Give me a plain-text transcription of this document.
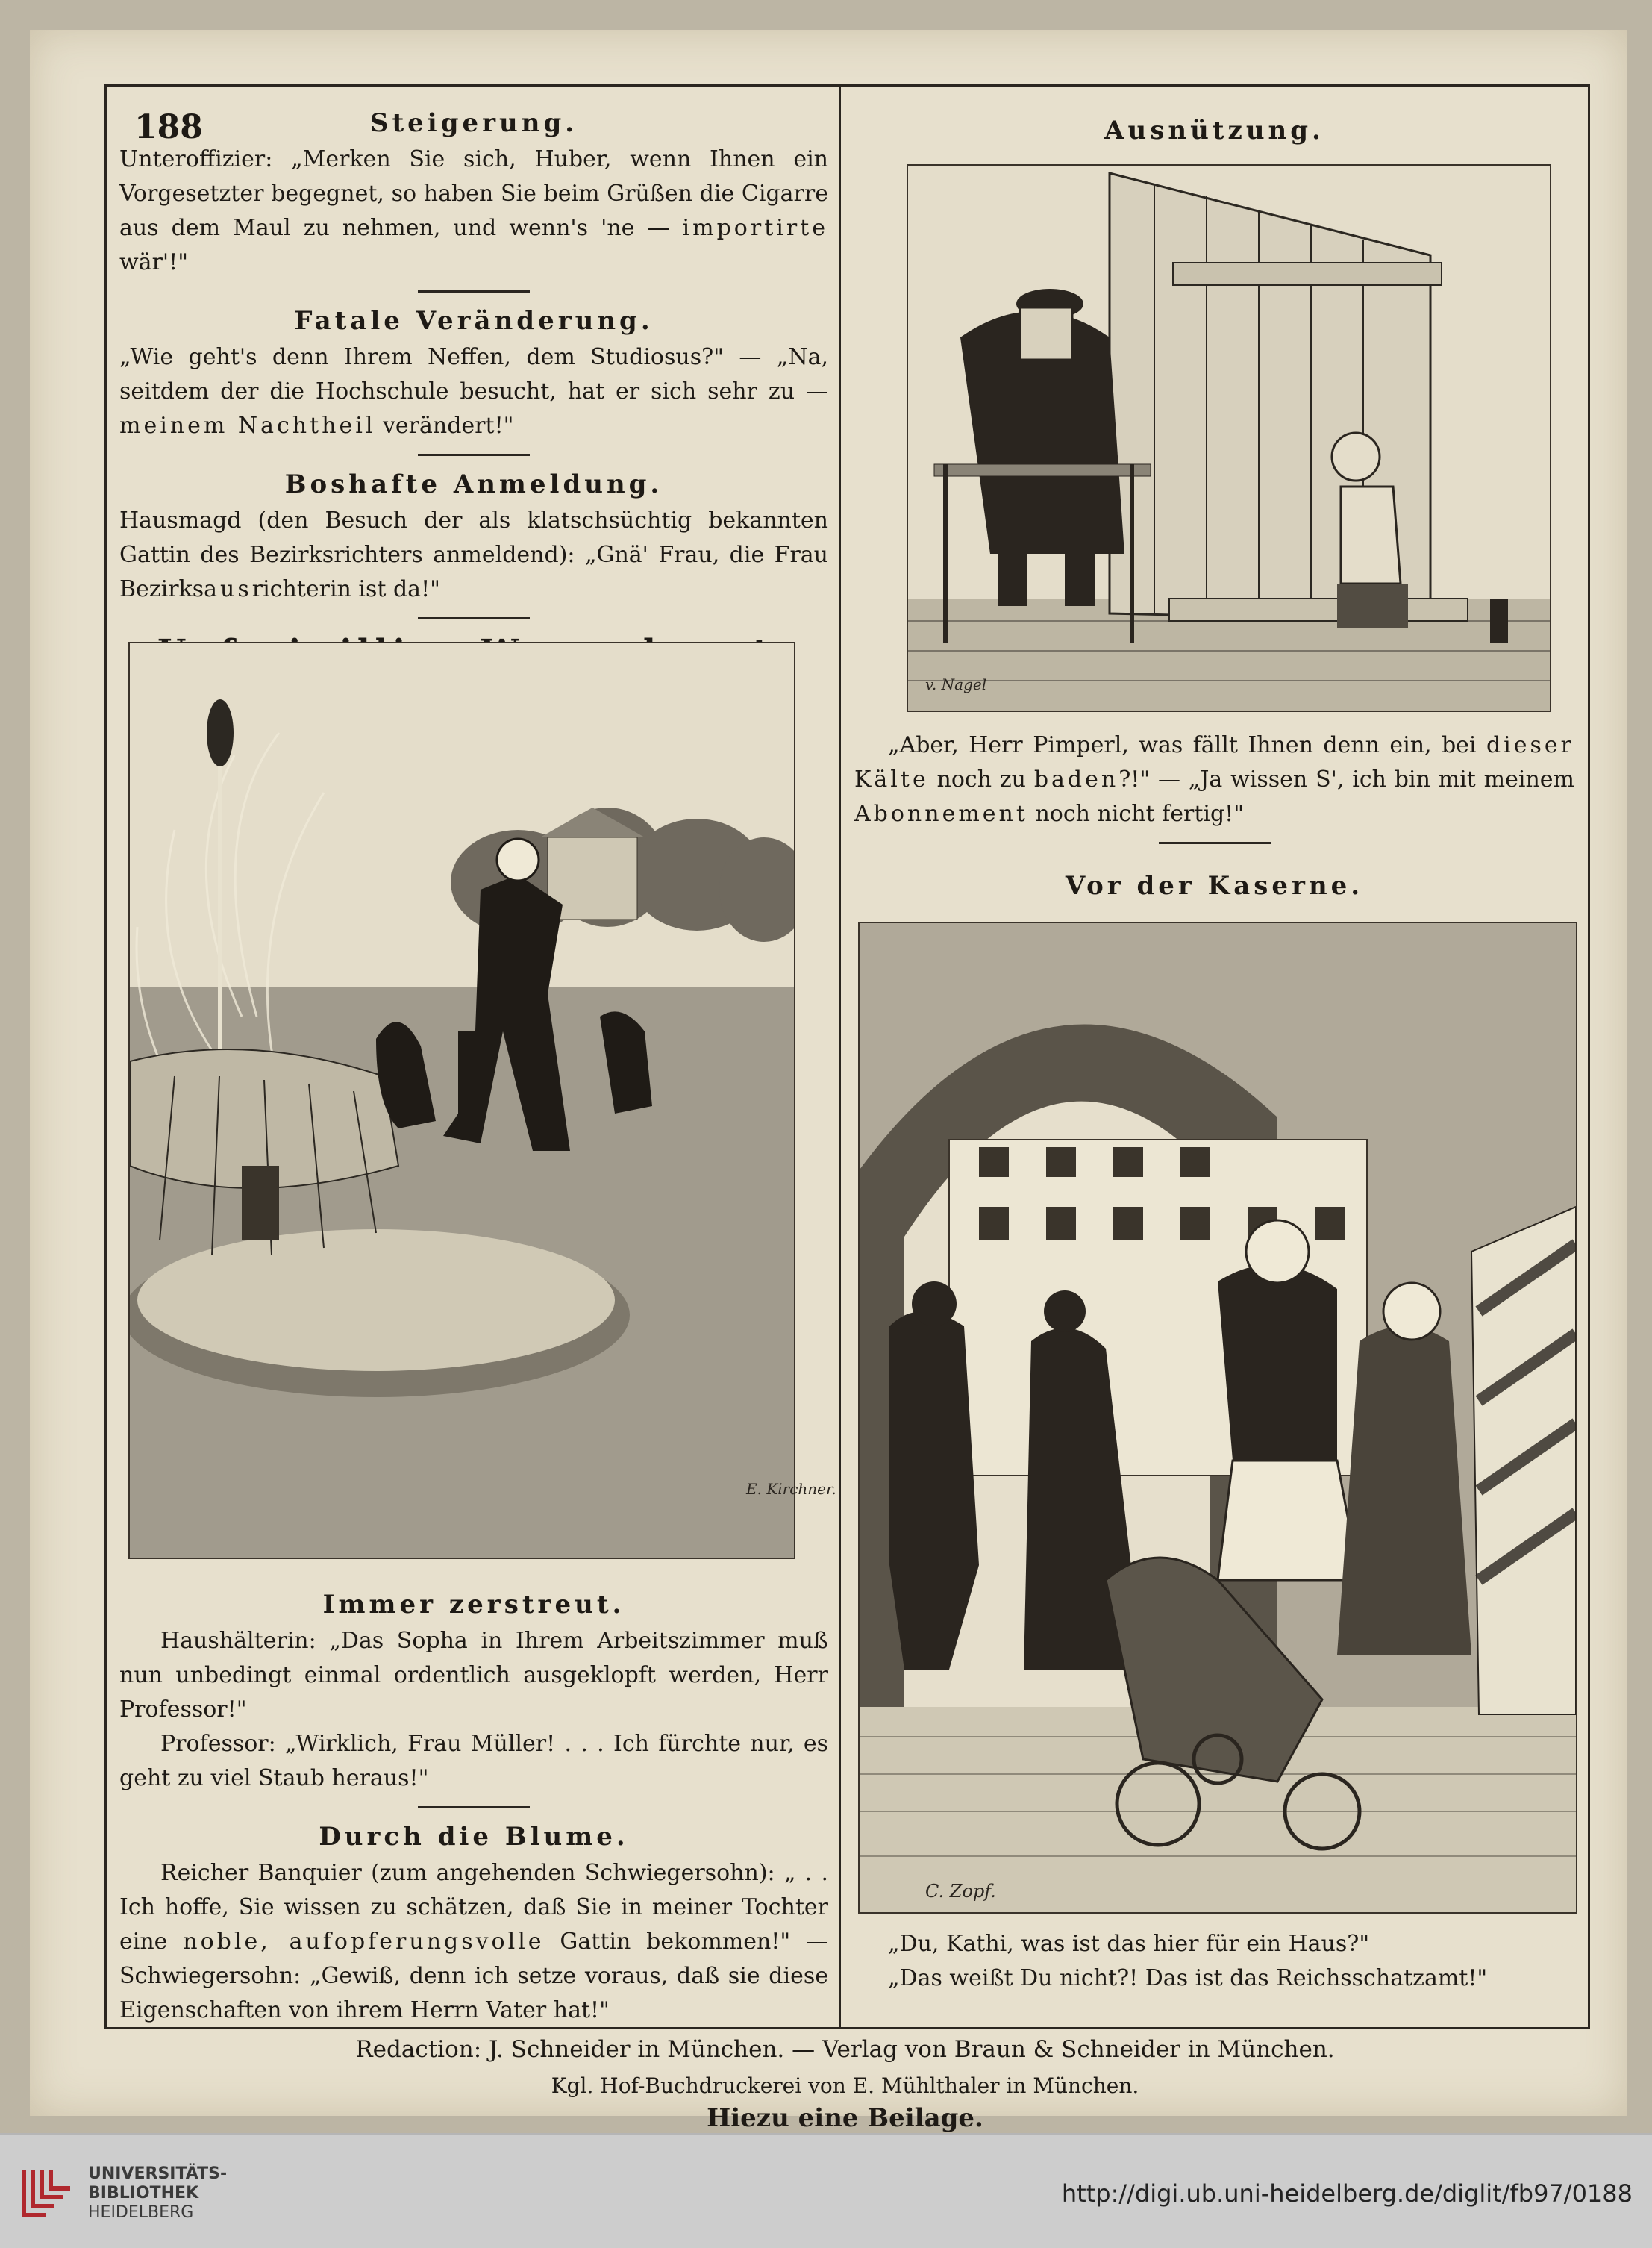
188	Steigerung.

Unteroffizier: „Merken Sie sich, Huber, wenn Ihnen ein Vorgesetzter begegnet, so haben Sie beim Grüßen die Cigarre aus dem Maul zu nehmen, und wenn's 'ne — importirte wär'!"

Fatale Veränderung.

„Wie geht's denn Ihrem Neffen, dem Studiosus?" — „Na, seitdem der die Hochschule besucht, hat er sich sehr zu — meinem Nachtheil verändert!"

Boshafte Anmeldung.

Hausmagd (den Besuch der als klatschsüchtig bekannten Gattin des Bezirksrichters anmeldend): „Gnä' Frau, die Frau Bezirksausrichterin ist da!"

E. Kirchner.
Immer zerstreut.

Haushälterin: „Das Sopha in Ihrem Arbeitszimmer muß nun unbedingt einmal ordentlich ausgeklopft werden, Herr Professor!"

Professor: „Wirklich, Frau Müller! . . . Ich fürchte nur, es geht zu viel Staub heraus!"

Durch die Blume.

Reicher Banquier (zum angehenden Schwiegersohn): „ . . Ich hoffe, Sie wissen zu schätzen, daß Sie in meiner Tochter eine noble, aufopferungsvolle Gattin bekommen!" — Schwiegersohn: „Gewiß, denn ich setze voraus, daß sie diese Eigenschaften von ihrem Herrn Vater hat!"

Ausnützung.
v. Nagel

„Aber, Herr Pimperl, was fällt Ihnen denn ein, bei dieser Kälte noch zu baden?!" — „Ja wissen S', ich bin mit meinem Abonnement noch nicht fertig!"

Vor der Kaserne.
C. Zopf.

„Du, Kathi, was ist das hier für ein Haus?"

„Das weißt Du nicht?! Das ist das Reichsschatzamt!"

Redaction: J. Schneider in München. — Verlag von Braun & Schneider in München.
Kgl. Hof-Buchdruckerei von E. Mühlthaler in München.
Hiezu eine Beilage.
UNIVERSITÄTS-
BIBLIOTHEK
HEIDELBERG
http://digi.ub.uni-heidelberg.de/diglit/fb97/0188
